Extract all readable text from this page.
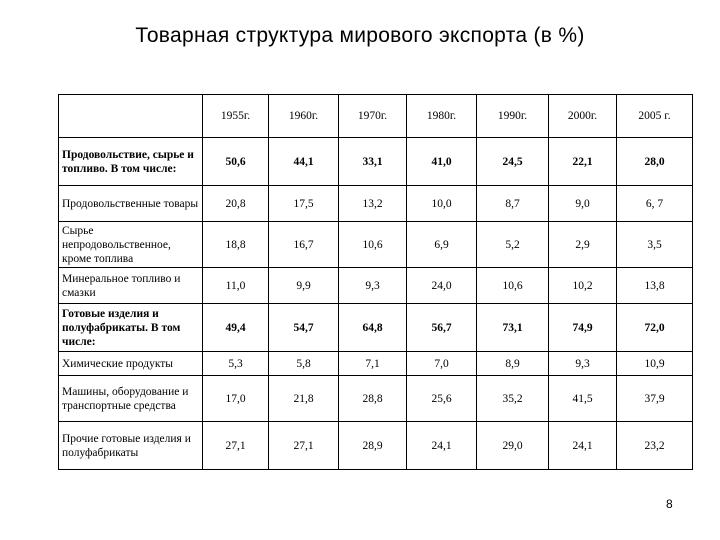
Товарная структура мирового экспорта (в %)
	1955г.	1960г.	1970г.	1980г.	1990г.	2000г.	2005 г.
Продовольствие, сырье и топливо. В том числе:	50,6	44,1	33,1	41,0	24,5	22,1	28,0
Продовольственные товары	20,8	17,5	13,2	10,0	8,7	9,0	6, 7
Сырье непродовольственное, кроме топлива	18,8	16,7	10,6	6,9	5,2	2,9	3,5
Минеральное топливо и смазки	11,0	9,9	9,3	24,0	10,6	10,2	13,8
Готовые изделия и полуфабрикаты. В том числе:	49,4	54,7	64,8	56,7	73,1	74,9	72,0
Химические продукты	5,3	5,8	7,1	7,0	8,9	9,3	10,9
Машины, оборудование и транспортные средства	17,0	21,8	28,8	25,6	35,2	41,5	37,9
Прочие готовые изделия и полуфабрикаты	27,1	27,1	28,9	24,1	29,0	24,1	23,2
8
